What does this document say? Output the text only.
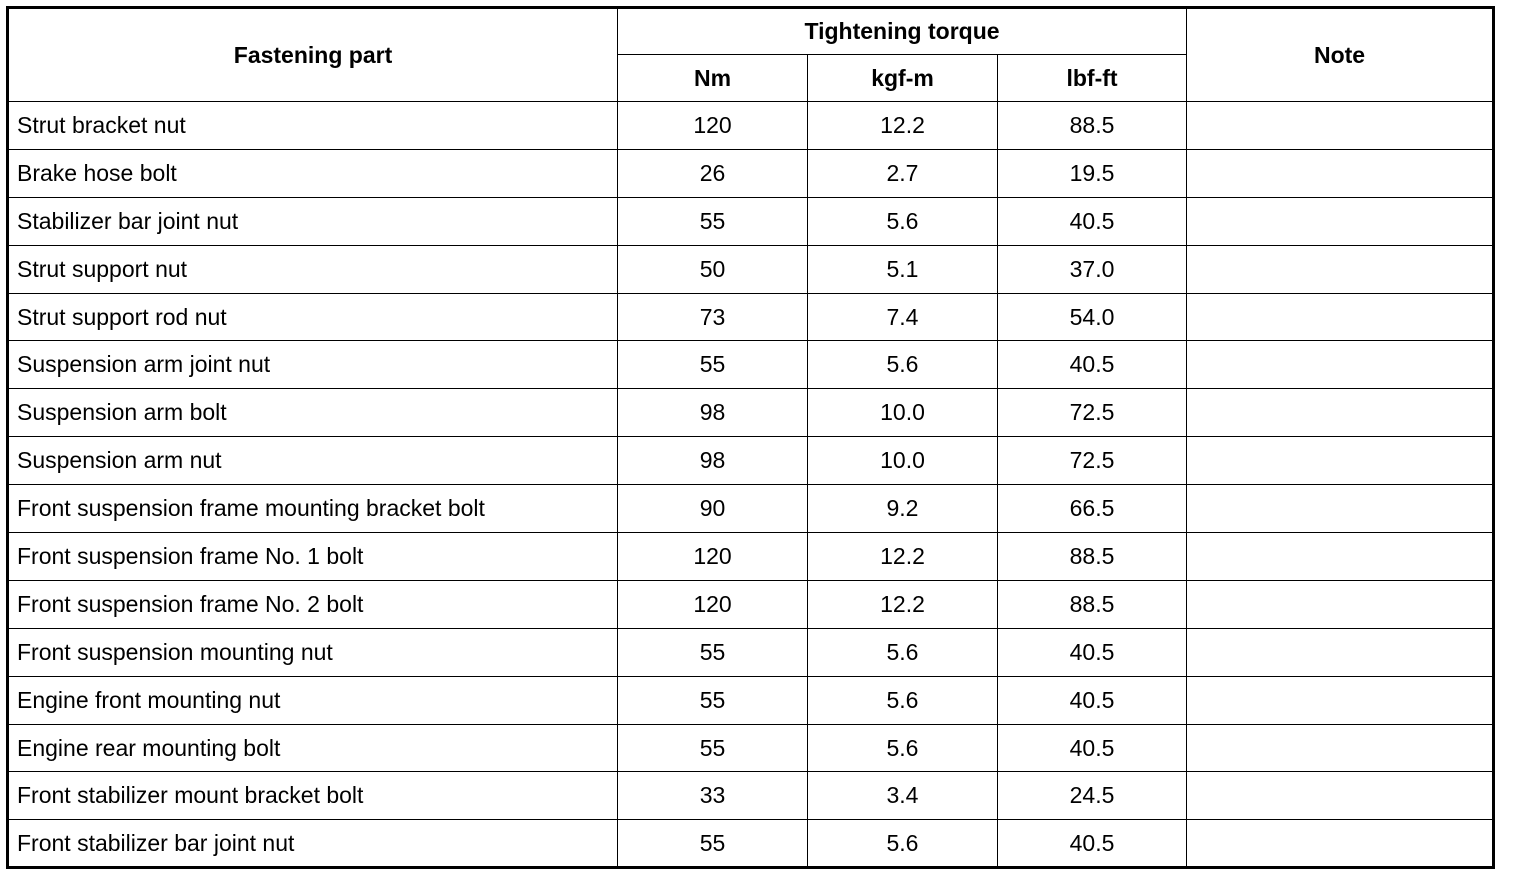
Fastening part	Tightening torque			Note
	Nm	kgf-m	lbf-ft	
Strut bracket nut	120	12.2	88.5	
Brake hose bolt	26	2.7	19.5	
Stabilizer bar joint nut	55	5.6	40.5	
Strut support nut	50	5.1	37.0	
Strut support rod nut	73	7.4	54.0	
Suspension arm joint nut	55	5.6	40.5	
Suspension arm bolt	98	10.0	72.5	
Suspension arm nut	98	10.0	72.5	
Front suspension frame mounting bracket bolt	90	9.2	66.5	
Front suspension frame No. 1 bolt	120	12.2	88.5	
Front suspension frame No. 2 bolt	120	12.2	88.5	
Front suspension mounting nut	55	5.6	40.5	
Engine front mounting nut	55	5.6	40.5	
Engine rear mounting bolt	55	5.6	40.5	
Front stabilizer mount bracket bolt	33	3.4	24.5	
Front stabilizer bar joint nut	55	5.6	40.5	
